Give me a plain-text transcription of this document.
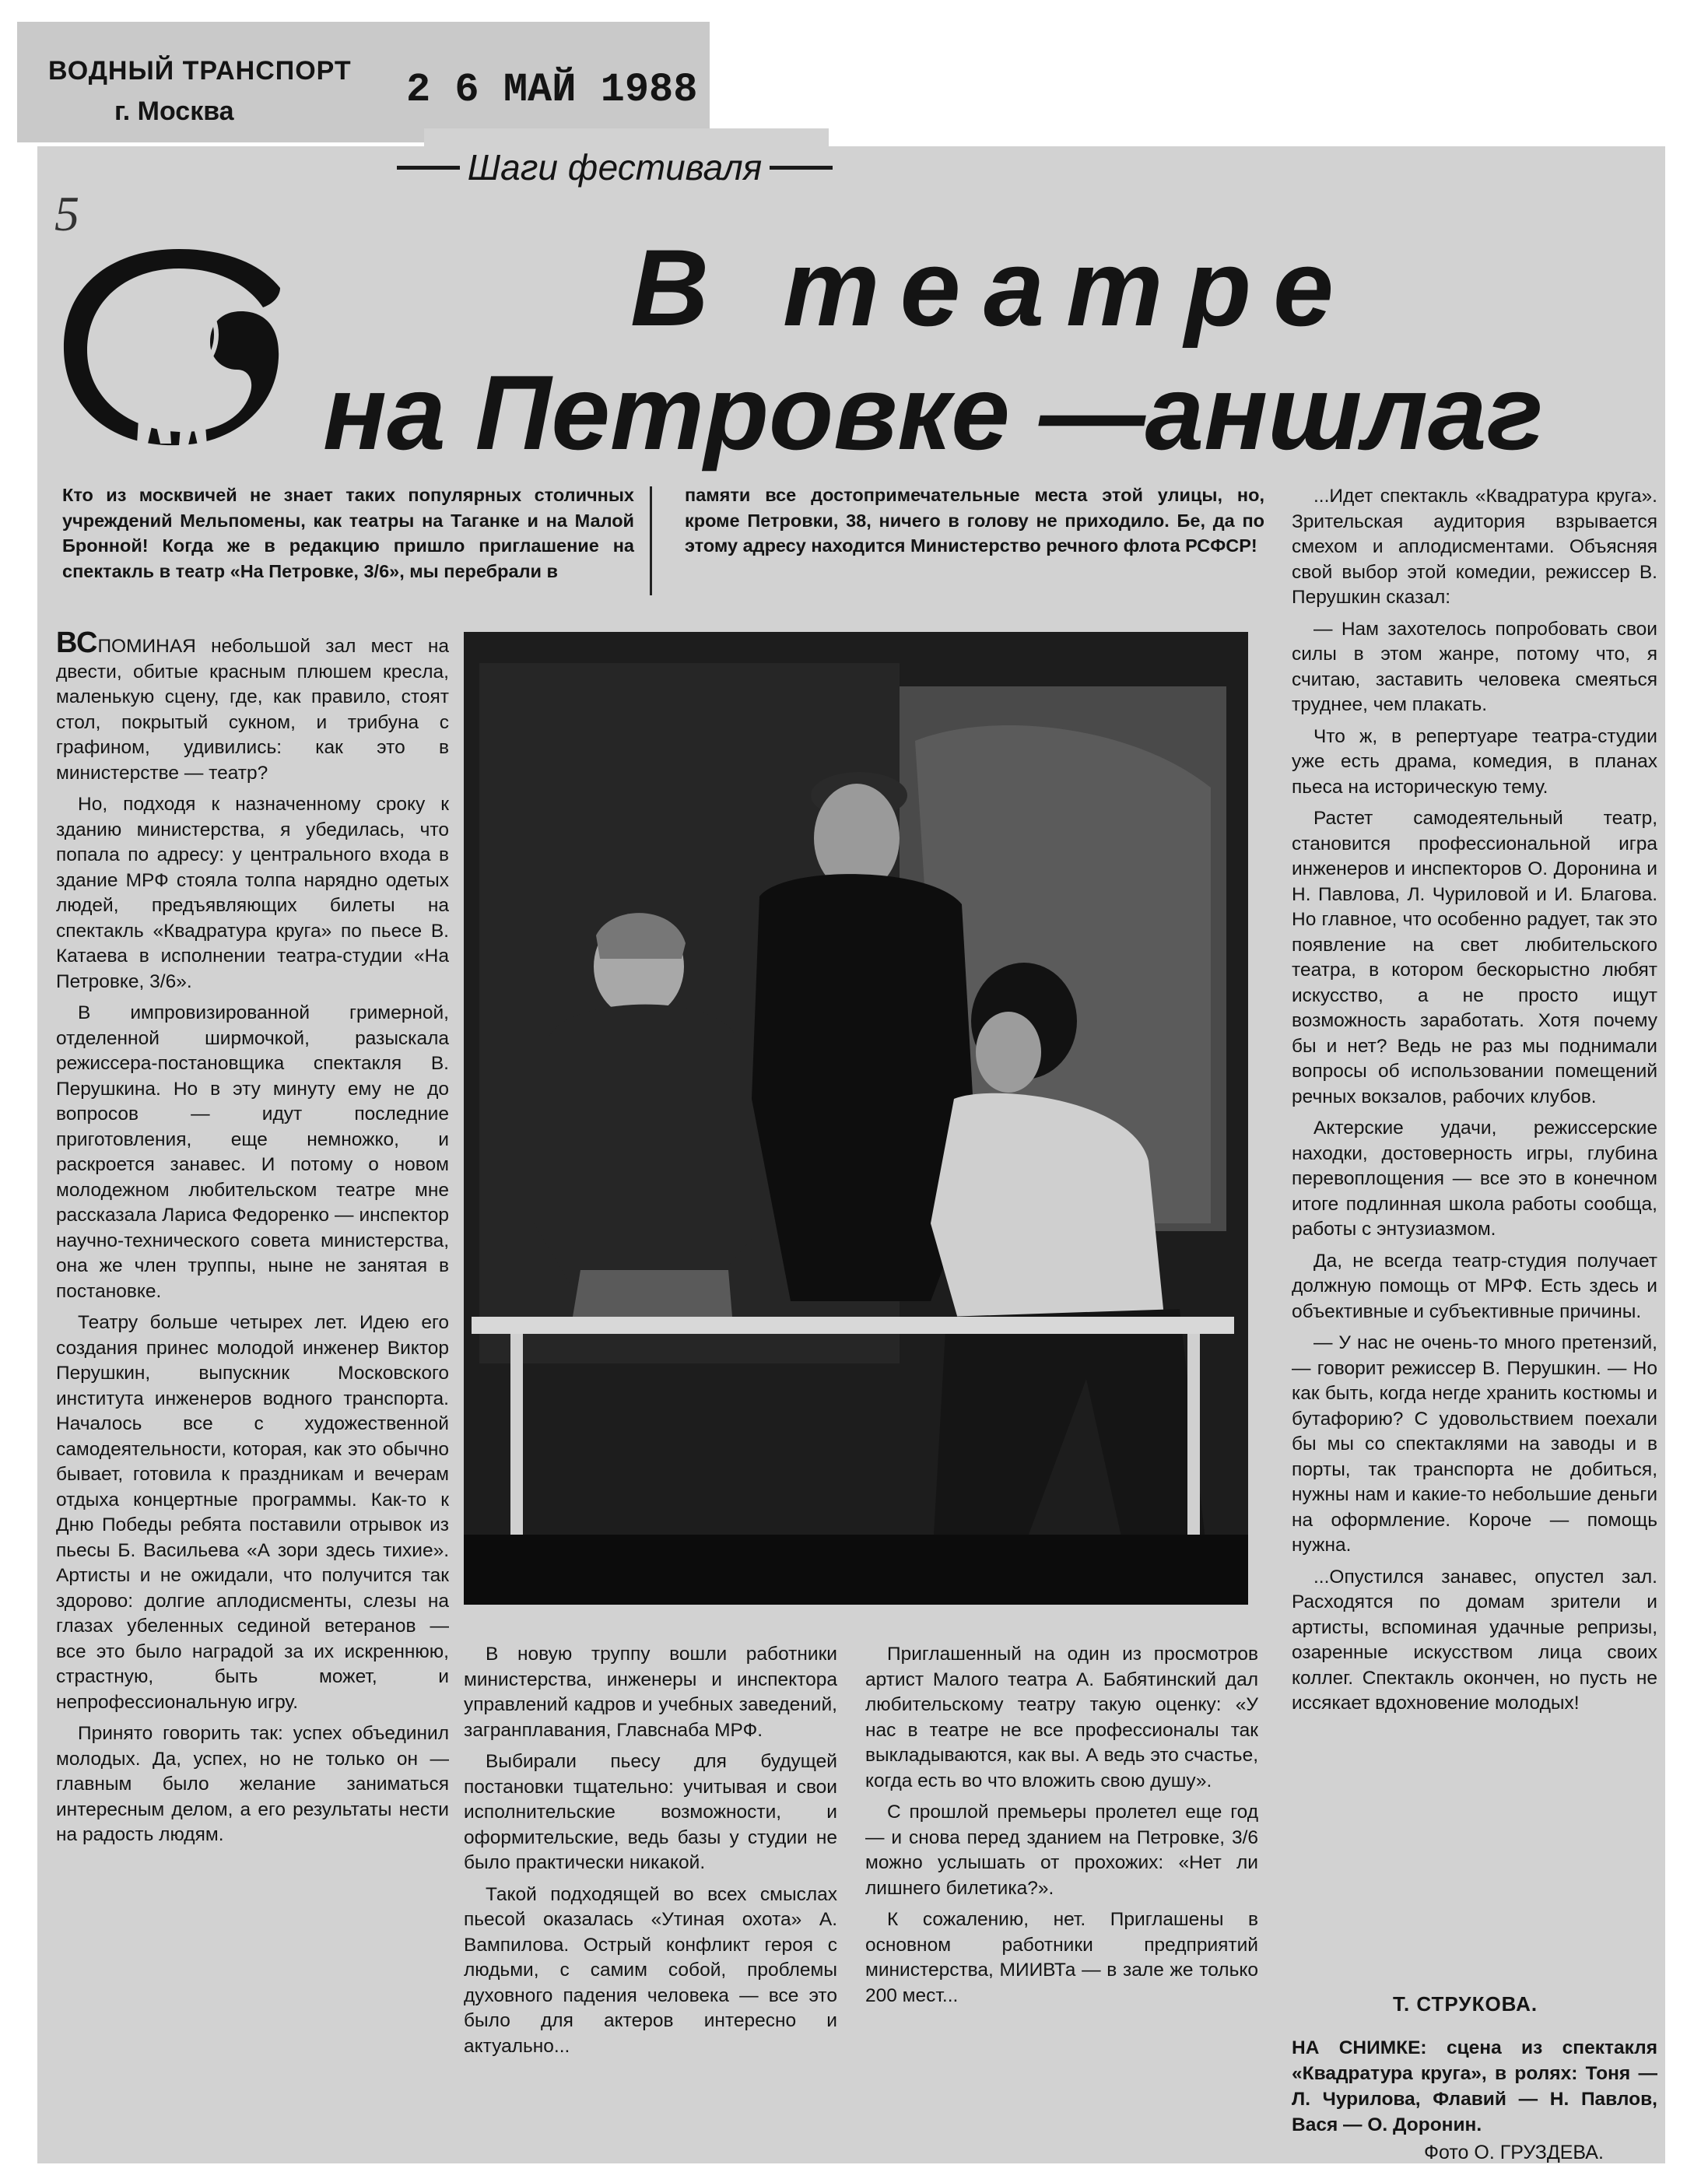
ВОДНЫЙ ТРАНСПОРТ
г. Москва	2 6 МАЙ 1988
5
Шаги фестиваля
В театре
на Петровке —аншлаг

Кто из москвичей не знает таких популярных столичных учреждений Мельпомены, как театры на Таганке и на Малой Бронной! Когда же в редакцию пришло приглашение на спектакль в театр «На Петровке, 3/6», мы перебрали в

памяти все достопримечательные места этой улицы, но, кроме Петровки, 38, ничего в голову не приходило. Бе, да по этому адресу находится Министерство речного флота РСФСР!

ВСПОМИНАЯ небольшой зал мест на двести, обитые красным плюшем кресла, маленькую сцену, где, как правило, стоят стол, покрытый сукном, и трибуна с графином, удивились: как это в министерстве — театр?

Но, подходя к назначенному сроку к зданию министерства, я убедилась, что попала по адресу: у центрального входа в здание МРФ стояла толпа нарядно одетых людей, предъявляющих билеты на спектакль «Квадратура круга» по пьесе В. Катаева в исполнении театра-студии «На Петровке, 3/6».

В импровизированной гримерной, отделенной ширмочкой, разыскала режиссера-постановщика спектакля В. Перушкина. Но в эту минуту ему не до вопросов — идут последние приготовления, еще немножко, и раскроется занавес. И потому о новом молодежном любительском театре мне рассказала Лариса Федоренко — инспектор научно-технического совета министерства, она же член труппы, ныне не занятая в постановке.

Театру больше четырех лет. Идею его создания принес молодой инженер Виктор Перушкин, выпускник Московского института инженеров водного транспорта. Началось все с художественной самодеятельности, которая, как это обычно бывает, готовила к праздникам и вечерам отдыха концертные программы. Как-то к Дню Победы ребята поставили отрывок из пьесы Б. Васильева «А зори здесь тихие». Артисты и не ожидали, что получится так здорово: долгие аплодисменты, слезы на глазах убеленных сединой ветеранов — все это было наградой за их искреннюю, страстную, быть может, и непрофессиональную игру.

Принято говорить так: успех объединил молодых. Да, успех, но не только он — главным было желание заниматься интересным делом, а его результаты нести на радость людям.

В новую труппу вошли работники министерства, инженеры и инспектора управлений кадров и учебных заведений, загранплавания, Главснаба МРФ.

Выбирали пьесу для будущей постановки тщательно: учитывая и свои исполнительские возможности, и оформительские, ведь базы у студии не было практически никакой.

Такой подходящей во всех смыслах пьесой оказалась «Утиная охота» А. Вампилова. Острый конфликт героя с людьми, с самим собой, проблемы духовного падения человека — все это было для актеров интересно и актуально...

Приглашенный на один из просмотров артист Малого театра А. Бабятинский дал любительскому театру такую оценку: «У нас в театре не все профессионалы так выкладываются, как вы. А ведь это счастье, когда есть во что вложить свою душу».

С прошлой премьеры пролетел еще год — и снова перед зданием на Петровке, 3/6 можно услышать от прохожих: «Нет ли лишнего билетика?».

К сожалению, нет. Приглашены в основном работники предприятий министерства, МИИВТа — в зале же только 200 мест...

...Идет спектакль «Квадратура круга». Зрительская аудитория взрывается смехом и аплодисментами. Объясняя свой выбор этой комедии, режиссер В. Перушкин сказал:

— Нам захотелось попробовать свои силы в этом жанре, потому что, я считаю, заставить человека смеяться труднее, чем плакать.

Что ж, в репертуаре театра-студии уже есть драма, комедия, в планах пьеса на историческую тему.

Растет самодеятельный театр, становится профессиональной игра инженеров и инспекторов О. Доронина и Н. Павлова, Л. Чуриловой и И. Благова. Но главное, что особенно радует, так это появление на свет любительского театра, в котором бескорыстно любят искусство, а не просто ищут возможность заработать. Хотя почему бы и нет? Ведь не раз мы поднимали вопросы об использовании помещений речных вокзалов, рабочих клубов.

Актерские удачи, режиссерские находки, достоверность игры, глубина перевоплощения — все это в конечном итоге подлинная школа работы сообща, работы с энтузиазмом.

Да, не всегда театр-студия получает должную помощь от МРФ. Есть здесь и объективные и субъективные причины.

— У нас не очень-то много претензий, — говорит режиссер В. Перушкин. — Но как быть, когда негде хранить костюмы и бутафорию? С удовольствием поехали бы мы со спектаклями на заводы и в порты, так транспорта не добиться, нужны нам и какие-то небольшие деньги на оформление. Короче — помощь нужна.

...Опустился занавес, опустел зал. Расходятся по домам зрители и артисты, вспоминая удачные репризы, озаренные искусством лица своих коллег. Спектакль окончен, но пусть не иссякает вдохновение молодых!

Т. СТРУКОВА.

НА СНИМКЕ: сцена из спектакля «Квадратура круга», в ролях: Тоня — Л. Чурилова, Флавий — Н. Павлов, Вася — О. Доронин.

Фото О. ГРУЗДЕВА.
